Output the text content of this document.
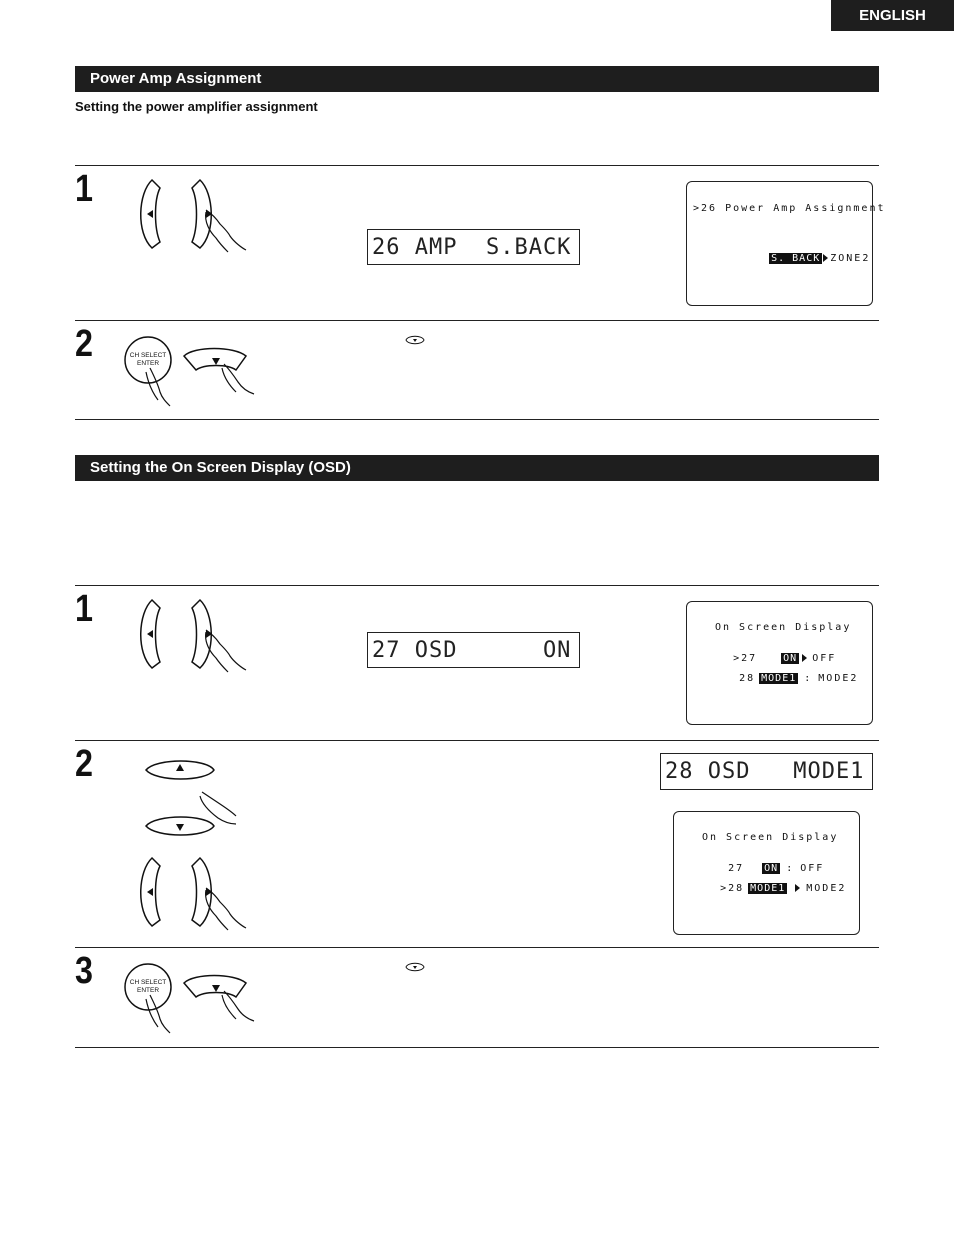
ENGLISH
Power Amp Assignment
Setting the power amplifier assignment
1
26 AMP  S.BACK
>26 Power Amp Assignment

S. BACK ZONE2

2	CH SELECT
ENTER
Setting the On Screen Display (OSD)
1
27 OSD      ON
On Screen Display

>27	ON OFF

28 MODE1 : MODE2

2	28 OSD   MODE1
On Screen Display

27 ON : OFF

>28 MODE1 MODE2

3	CH SELECT
ENTER
